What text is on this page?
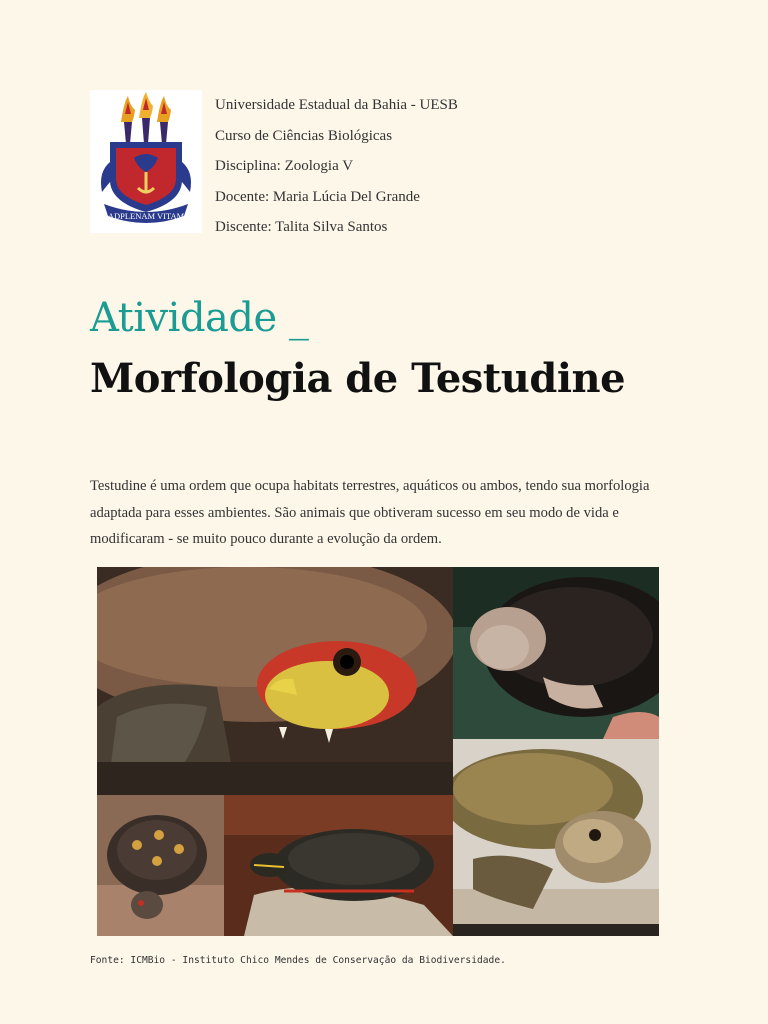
ADPLENAM VITAM
Universidade Estadual da Bahia - UESB
Curso de Ciências Biológicas
Disciplina: Zoologia V
Docente: Maria Lúcia Del Grande
Discente: Talita Silva Santos
Atividade _
Morfologia de Testudine
Testudine é uma ordem que ocupa habitats terrestres, aquáticos ou ambos, tendo sua morfologia adaptada para esses ambientes. São animais que obtiveram sucesso em seu modo de vida e modificaram - se muito pouco durante a evolução da ordem.
Fonte: ICMBio - Instituto Chico Mendes de Conservação da Biodiversidade.
